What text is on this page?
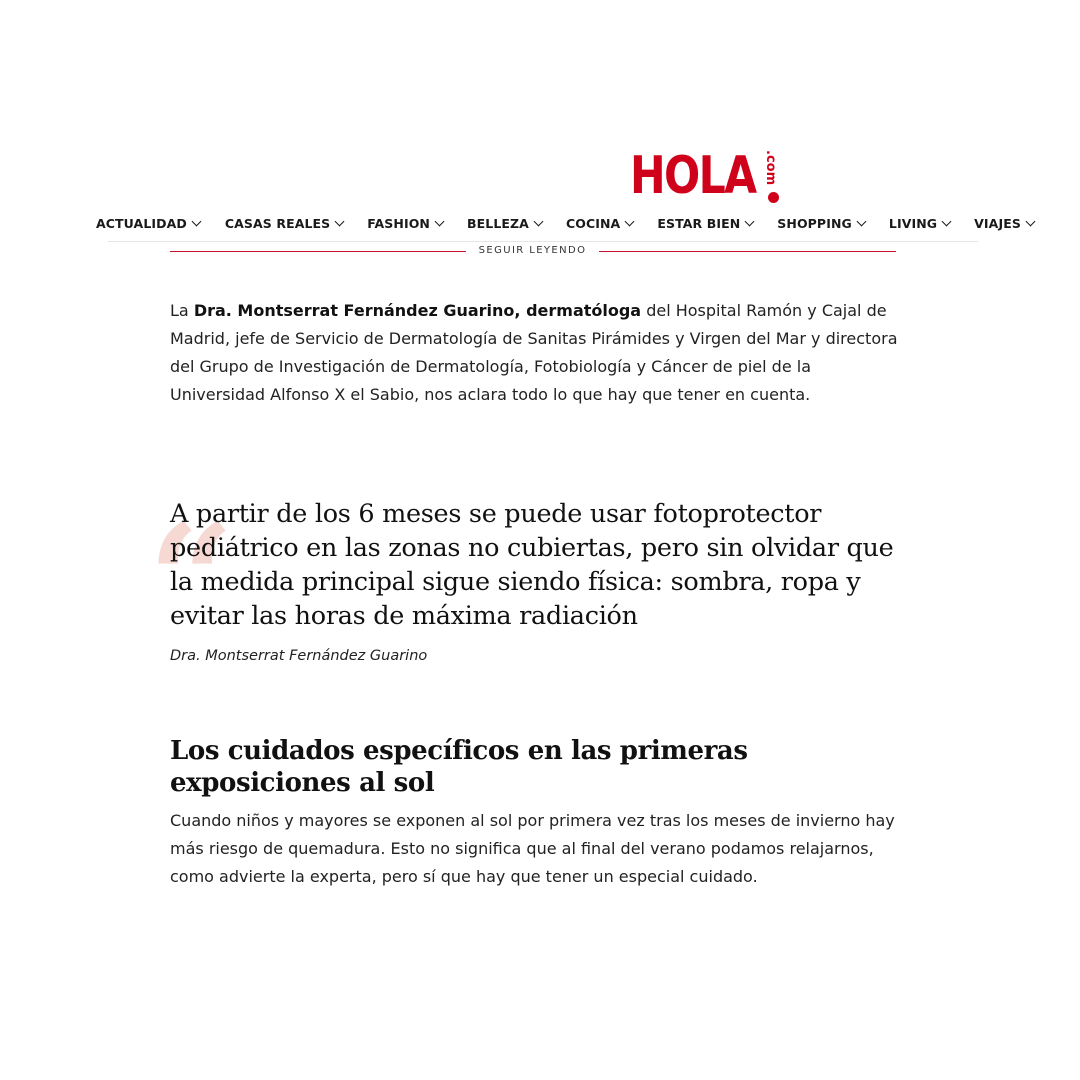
HOLA .com
ACTUALIDAD	CASAS REALES	FASHION	BELLEZA	COCINA	ESTAR BIEN	SHOPPING	LIVING	VIAJES
SEGUIR LEYENDO

La Dra. Montserrat Fernández Guarino, dermatóloga del Hospital Ramón y Cajal de Madrid, jefe de Servicio de Dermatología de Sanitas Pirámides y Virgen del Mar y directora del Grupo de Investigación de Dermatología, Fotobiología y Cáncer de piel de la Universidad Alfonso X el Sabio, nos aclara todo lo que hay que tener en cuenta.

“
A partir de los 6 meses se puede usar fotoprotector pediátrico en las zonas no cubiertas, pero sin olvidar que la medida principal sigue siendo física: sombra, ropa y evitar las horas de máxima radiación
Dra. Montserrat Fernández Guarino
Los cuidados específicos en las primeras exposiciones al sol

Cuando niños y mayores se exponen al sol por primera vez tras los meses de invierno hay más riesgo de quemadura. Esto no significa que al final del verano podamos relajarnos, como advierte la experta, pero sí que hay que tener un especial cuidado.
